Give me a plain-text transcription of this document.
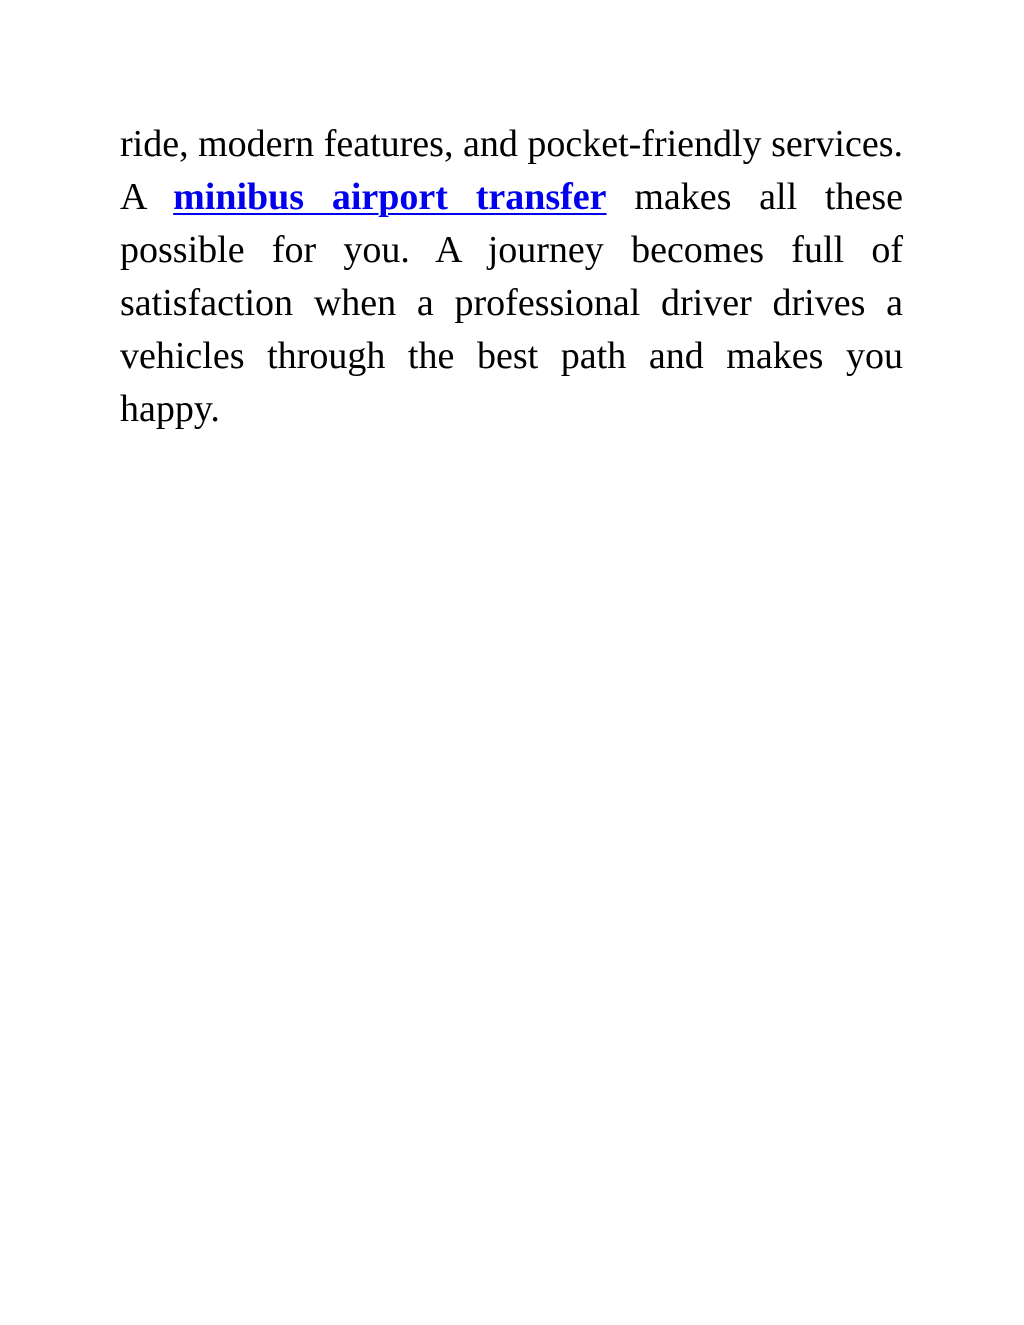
ride, modern features, and pocket-friendly services. A minibus airport transfer makes all these possible for you. A journey becomes full of satisfaction when a professional driver drives a vehicles through the best path and makes you happy.
